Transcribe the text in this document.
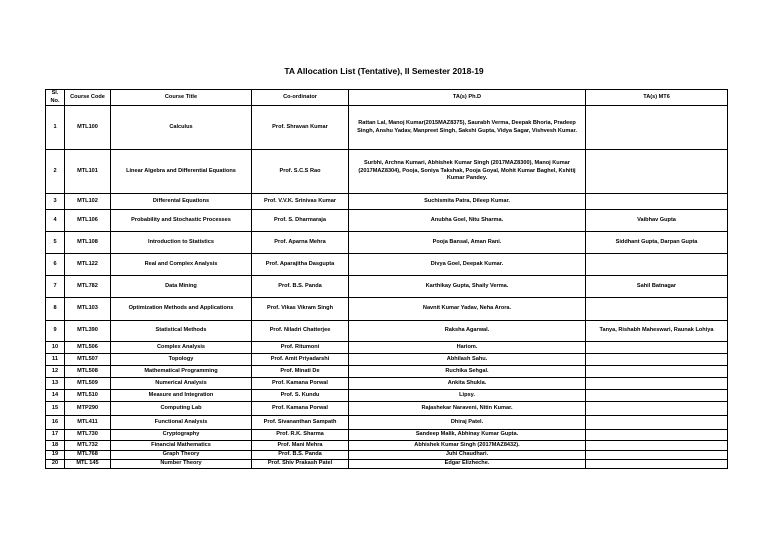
TA Allocation List (Tentative), II Semester 2018-19
Sl. No.	Course Code	Course Title	Co-ordinator	TA(s) Ph.D	TA(s) MT6
1	MTL100	Calculus	Prof. Shravan Kumar	Rattan Lal, Manoj Kumar(2015MAZ8375), Saurabh Verma, Deepak Bhoria, Pradeep Singh, Anshu Yadav, Manpreet Singh, Sakshi Gupta, Vidya Sagar, Vishvesh Kumar.	
2	MTL101	Linear Algebra and Differential Equations	Prof. S.C.S Rao	Surbhi, Archna Kumari, Abhishek Kumar Singh (2017MAZ8300), Manoj Kumar (2017MAZ8304), Pooja, Soniya Takshak, Pooja Goyal, Mohit Kumar Baghel, Kshitij Kumar Pandey.	
3	MTL102	Differental Equations	Prof. V.V.K. Srinivas Kumar	Suchismita Patra, Dileep Kumar.	
4	MTL106	Probability and Stochastic Processes	Prof. S. Dharmaraja	Anubha Goel, Nitu Sharma.	Vaibhav Gupta
5	MTL108	Introduction to Statistics	Prof. Aparna Mehra	Pooja Bansal, Aman Rani.	Siddhant Gupta, Darpan Gupta
6	MTL122	Real and Complex Analysis	Prof. Aparajitha Dasgupta	Divya Goel, Deepak Kumar.	
7	MTL782	Data Mining	Prof. B.S. Panda	Karthikay Gupta, Shaily Verma.	Sahil Batnagar
8	MTL103	Optimization Methods and Applications	Prof. Vikas Vikram Singh	Navnit Kumar Yadav, Neha Arora.	
9	MTL390	Statistical Methods	Prof. Niladri Chatterjee	Raksha Agarwal.	Tanya, Rishabh Maheswari, Raunak Lohiya
10	MTL506	Complex Analysis	Prof. Ritumoni	Hariom.	
11	MTL507	Topology	Prof. Amit Priyadarshi	Abhilash Sahu.	
12	MTL508	Mathematical Programming	Prof. Minati De	Ruchika Sehgal.	
13	MTL509	Numerical Analysis	Prof. Kamana Porwal	Ankita Shukla.	
14	MTL510	Measure and Integration	Prof. S. Kundu	Lipsy.	
15	MTP290	Computing Lab	Prof. Kamana Porwal	Rajashekar Naraveni, Nitin Kumar.	
16	MTL411	Functional Analysis	Prof. Sivananthan Sampath	Dhiraj Patel.	
17	MTL730	Cryptography	Prof. R.K. Sharma	Sandeep Malik, Abhinay Kumar Gupta.	
18	MTL732	Financial Mathematics	Prof. Mani Mehra	Abhishek Kumar Singh (2017MAZ8432).	
19	MTL768	Graph Theory	Prof. B.S. Panda	Juhi Chaudhari.	
20	MTL 145	Number Theory	Prof. Shiv Prakash Patel	Edgar Elizheche.	
